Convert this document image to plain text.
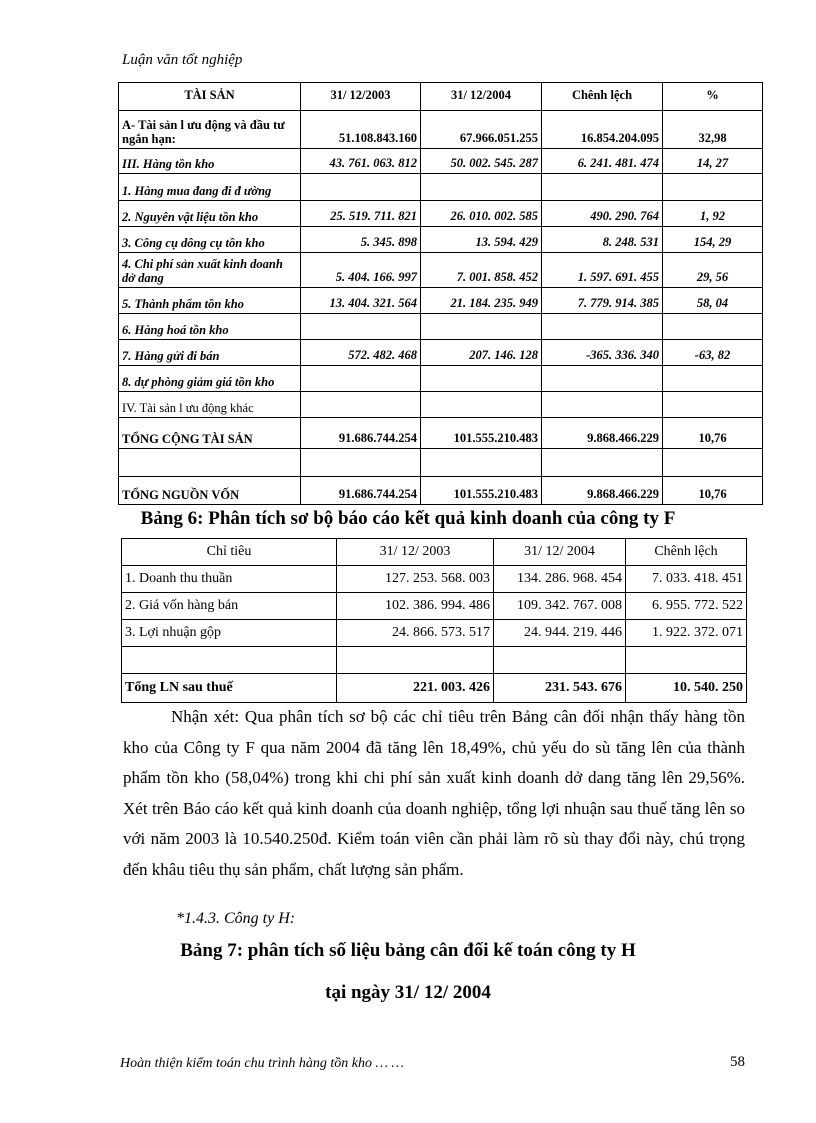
Luận văn tốt nghiệp
TÀI SẢN	31/ 12/2003	31/ 12/2004	Chênh lệch	%
A- Tài sản l ưu động và đầu tư ngắn hạn:	51.108.843.160	67.966.051.255	16.854.204.095	32,98
III. Hàng tồn kho	43. 761. 063. 812	50. 002. 545. 287	6. 241. 481. 474	14, 27
1. Hàng mua đang đi đ ường				
2. Nguyên vật liệu tồn kho	25. 519. 711. 821	26. 010. 002. 585	490. 290. 764	1, 92
3. Công cụ dông cụ tồn kho	5. 345. 898	13. 594. 429	8. 248. 531	154, 29
4. Chi phí sản xuất kinh doanh dở dang	5. 404. 166. 997	7. 001. 858. 452	1. 597. 691. 455	29, 56
5. Thành phẩm tồn kho	13. 404. 321. 564	21. 184. 235. 949	7. 779. 914. 385	58, 04
6. Hàng hoá tồn kho				
7. Hàng gửi đi bán	572. 482. 468	207. 146. 128	-365. 336. 340	-63, 82
8. dự phòng giảm giá tồn kho				
IV. Tài sản l ưu động khác				
TỔNG CỘNG TÀI SẢN	91.686.744.254	101.555.210.483	9.868.466.229	10,76

TỔNG NGUỒN VỐN	91.686.744.254	101.555.210.483	9.868.466.229	10,76
Bảng 6: Phân tích sơ bộ báo cáo kết quả kinh doanh của công ty F
Chỉ tiêu	31/ 12/ 2003	31/ 12/ 2004	Chênh lệch
1. Doanh thu thuần	127. 253. 568. 003	134. 286. 968. 454	7. 033. 418. 451
2. Giá vốn hàng bán	102. 386. 994. 486	109. 342. 767. 008	6. 955. 772. 522
3. Lợi nhuận gộp	24. 866. 573. 517	24. 944. 219. 446	1. 922. 372. 071

Tổng LN sau thuế	221. 003. 426	231. 543. 676	10. 540. 250

Nhận xét: Qua phân tích sơ bộ các chỉ tiêu trên Bảng cân đối nhận thấy hàng tồn kho của Công ty F qua năm 2004 đã tăng lên 18,49%, chủ yếu do sù tăng lên của thành phẩm tồn kho (58,04%) trong khi chi phí sản xuất kinh doanh dở dang tăng lên 29,56%. Xét trên Báo cáo kết quả kinh doanh của doanh nghiệp, tổng lợi nhuận sau thuế tăng lên so với năm 2003 là 10.540.250đ. Kiểm toán viên cần phải làm rõ sù thay đổi này, chú trọng đến khâu tiêu thụ sản phẩm, chất lượng sản phẩm.

*1.4.3. Công ty H:
Bảng 7: phân tích số liệu bảng cân đối kế toán công ty H
tại ngày 31/ 12/ 2004
Hoàn thiện kiểm toán chu trình hàng tồn kho … …	58
